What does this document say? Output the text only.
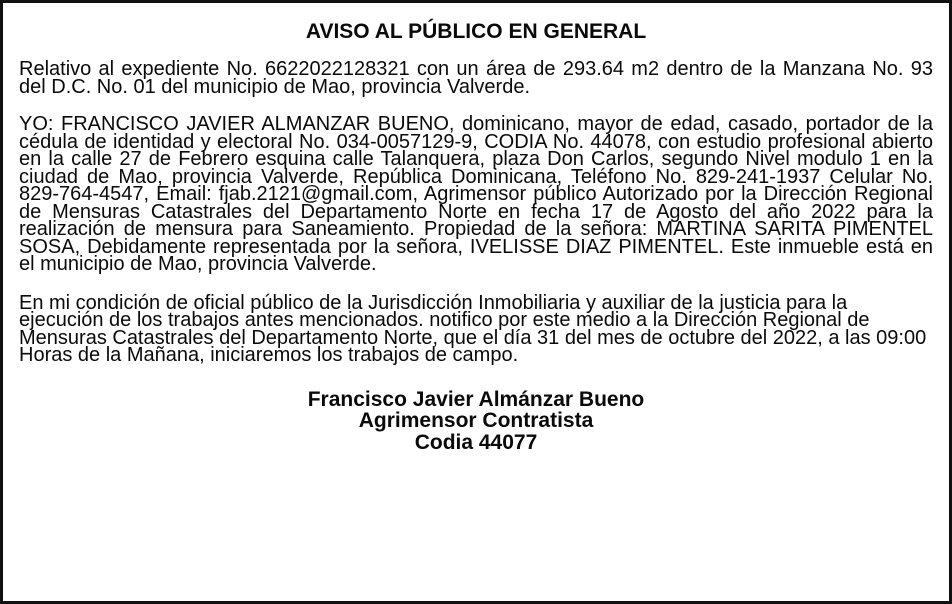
AVISO AL PÚBLICO EN GENERAL

Relativo al expediente No. 6622022128321 con un área de 293.64 m2 dentro de la Manzana No. 93 del D.C. No. 01 del municipio de Mao, provincia Valverde.

YO: FRANCISCO JAVIER ALMANZAR BUENO, dominicano, mayor de edad, casado, portador de la cédula de identidad y electoral No. 034-0057129-9, CODIA No. 44078, con estudio profesional abierto en la calle 27 de Febrero esquina calle Talanquera, plaza Don Carlos, segundo Nivel modulo 1 en la ciudad de Mao, provincia Valverde, República Dominicana, Teléfono No. 829-241-1937 Celular No. 829-764-4547, Email: fjab.2121@gmail.com, Agrimensor público Autorizado por la Dirección Regional de Mensuras Catastrales del Departamento Norte en fecha 17 de Agosto del año 2022 para la realización de mensura para Saneamiento. Propiedad de la señora: MARTINA SARITA PIMENTEL SOSA, Debidamente representada por la señora, IVELISSE DIAZ PIMENTEL. Este inmueble está en el municipio de Mao, provincia Valverde.

En mi condición de oficial público de la Jurisdicción Inmobiliaria y auxiliar de la justicia para la ejecución de los trabajos antes mencionados. notifico por este medio a la Dirección Regional de Mensuras Catastrales del Departamento Norte, que el día 31 del mes de octubre del 2022, a las 09:00 Horas de la Mañana, iniciaremos los trabajos de campo.

Francisco Javier Almánzar Bueno
Agrimensor Contratista
Codia 44077
